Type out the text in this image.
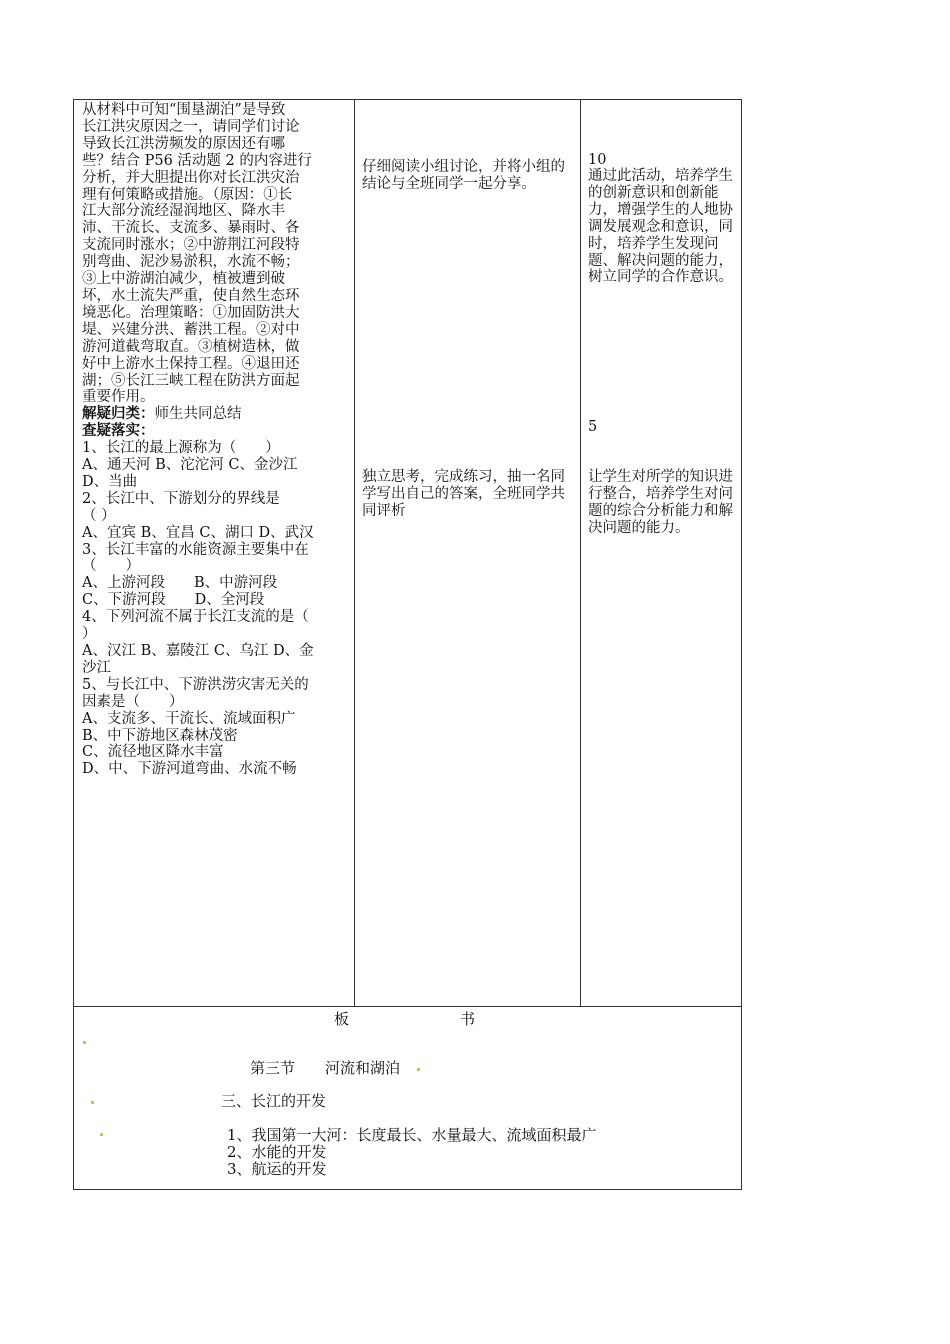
从材料中可知“围垦湖泊”是导致
长江洪灾原因之一，请同学们讨论
导致长江洪涝频发的原因还有哪
些？结合 P56 活动题 2 的内容进行
分析，并大胆提出你对长江洪灾治
理有何策略或措施。（原因：①长
江大部分流经湿润地区、降水丰
沛、干流长、支流多、暴雨时、各
支流同时涨水；②中游荆江河段特
别弯曲、泥沙易淤积，水流不畅；
③上中游湖泊减少，植被遭到破
坏，水土流失严重，使自然生态环
境恶化。治理策略：①加固防洪大
堤、兴建分洪、蓄洪工程。②对中
游河道截弯取直。③植树造林，做
好中上游水土保持工程。④退田还
湖；⑤长江三峡工程在防洪方面起
重要作用。
解疑归类：师生共同总结
查疑落实：
1、长江的最上源称为（　　）
A、通天河 B、沱沱河 C、金沙江
D、当曲
2、长江中、下游划分的界线是
（ ）
A、宜宾 B、宜昌 C、湖口 D、武汉
3、长江丰富的水能资源主要集中在
（　　）
A、上游河段　　B、中游河段
C、下游河段　　D、全河段
4、下列河流不属于长江支流的是（
）
A、汉江 B、嘉陵江 C、乌江 D、金
沙江
5、与长江中、下游洪涝灾害无关的
因素是（　　）
A、支流多、干流长、流域面积广
B、中下游地区森林茂密
C、流径地区降水丰富
D、中、下游河道弯曲、水流不畅
仔细阅读小组讨论，并将小组的结论与全班同学一起分享。
独立思考，完成练习，抽一名同学写出自己的答案，全班同学共同评析
10
通过此活动，培养学生的创新意识和创新能力，增强学生的人地协调发展观念和意识，同时，培养学生发现问题、解决问题的能力，树立同学的合作意识。
5
让学生对所学的知识进行整合，培养学生对问题的综合分析能力和解决问题的能力。
板	书
第三节　　河流和湖泊
三、长江的开发
1、我国第一大河：长度最长、水量最大、流域面积最广
2、水能的开发
3、航运的开发
